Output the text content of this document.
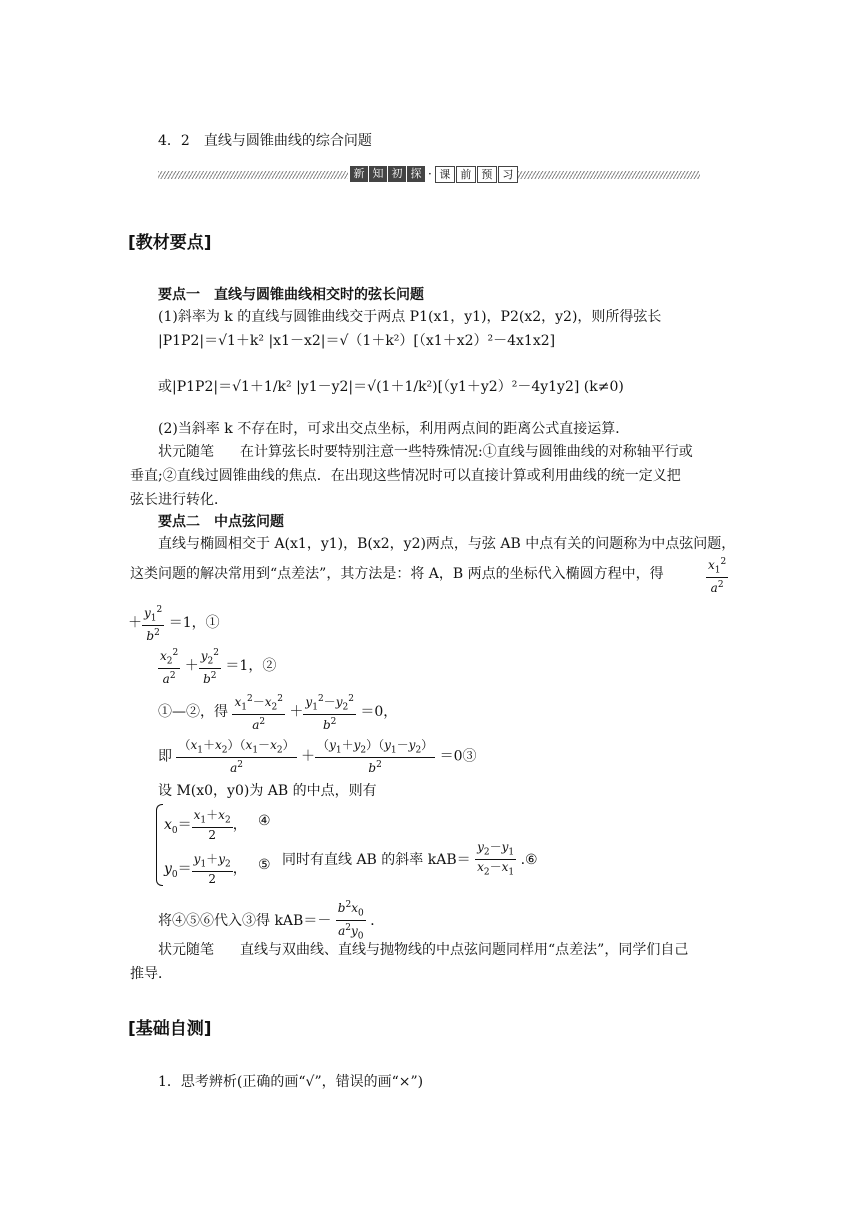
4．2　直线与圆锥曲线的综合问题
新 知 初 探 · 课 前 预 习
[教材要点]
要点一　直线与圆锥曲线相交时的弦长问题
(1)斜率为 k 的直线与圆锥曲线交于两点 P1(x1，y1)，P2(x2，y2)，则所得弦长
|P1P2|＝√1＋k² |x1－x2|＝√（1＋k²）[（x1＋x2）²－4x1x2]
或|P1P2|＝√1＋1/k² |y1－y2|＝√(1＋1/k²)[（y1＋y2）²－4y1y2] (k≠0)
(2)当斜率 k 不存在时，可求出交点坐标，利用两点间的距离公式直接运算．
状元随笔 在计算弦长时要特别注意一些特殊情况:①直线与圆锥曲线的对称轴平行或
垂直;②直线过圆锥曲线的焦点．在出现这些情况时可以直接计算或利用曲线的统一定义把
弦长进行转化．
要点二　中点弦问题
直线与椭圆相交于 A(x1，y1)，B(x2，y2)两点，与弦 AB 中点有关的问题称为中点弦问题，
这类问题的解决常用到“点差法”，其方法是：将 A，B 两点的坐标代入椭圆方程中，得	$\frac{x_1^2}{a^2}$
＋ $\frac{y_1^2}{b^2} =1$，①
$\frac{x_2^2}{a^2} + \frac{y_2^2}{b^2} =1$，②
①—②，得 $\frac{x_1^2-x_2^2}{a^2} + \frac{y_1^2-y_2^2}{b^2} =0$，
即 $\frac{(x_1+x_2)(x_1-x_2)}{a^2} + \frac{(y_1+y_2)(y_1-y_2)}{b^2}$ ＝0③
设 M(x0，y0)为 AB 的中点，则有
$x_0= \frac{x_1+x_2}{2}$ ， ④
$y_0= \frac{y_1+y_2}{2}$ ， ⑤ 同时有直线 AB 的斜率 $kAB= \frac{y_2-y_1}{x_2-x_1}$ .⑥
将④⑤⑥代入③得 $kAB=- \frac{b^2x_0}{a^2y_0}$ ．
状元随笔 直线与双曲线、直线与抛物线的中点弦问题同样用“点差法”，同学们自己
推导．
[基础自测]
1．思考辨析(正确的画“√”，错误的画“×”)
